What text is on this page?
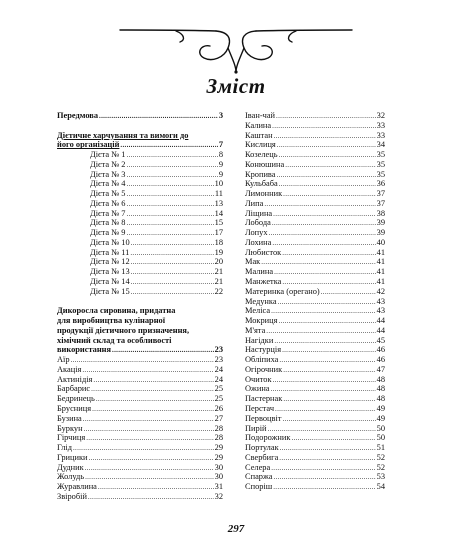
Зміст
Передмова .....	3
Дієтичне харчування та вимоги до
його організацій .....	7
Дієта № 1 .....	8
Дієта № 2 .....	9
Дієта № 3 .....	9
Дієта № 4 .....	10
Дієта № 5 .....	11
Дієта № 6 .....	13
Дієта № 7 .....	14
Дієта № 8 .....	15
Дієта № 9 .....	17
Дієта № 10 .....	18
Дієта № 11 .....	19
Дієта № 12 .....	20
Дієта № 13 .....	21
Дієта № 14 .....	21
Дієта № 15 .....	22
Дикоросла сировина, придатна
для виробництва кулінарної
продукції дієтичного призначення,
хімічний склад та особливості
використання .....	23
Аїр .....	23
Акація .....	24
Актинідія .....	24
Барбарис .....	25
Бедринець .....	25
Брусниця .....	26
Бузина .....	27
Буркун .....	28
Гірчиця .....	28
Глід .....	29
Грицики .....	29
Дудник .....	30
Жолудь .....	30
Журавлина .....	31
Звіробій .....	32
Іван-чай .....	32
Калина .....	33
Каштан .....	33
Кислиця .....	34
Козелець .....	35
Конюшина .....	35
Кропива .....	35
Кульбаба .....	36
Лимонник .....	37
Липа .....	37
Ліщина .....	38
Лобода .....	39
Лопух .....	39
Лохина .....	40
Любисток .....	41
Мак .....	41
Малина .....	41
Манжетка .....	41
Материнка (орегано) .....	42
Медунка .....	43
Меліса .....	43
Мокриця .....	44
М'ята .....	44
Нагідки .....	45
Настурція .....	46
Обліпиха .....	46
Огірочник .....	47
Очиток .....	48
Ожина .....	48
Пастернак .....	48
Перстач .....	49
Первоцвіт .....	49
Пирій .....	50
Подорожник .....	50
Портулак .....	51
Свербига .....	52
Селера .....	52
Спаржа .....	53
Споріш .....	54
297
